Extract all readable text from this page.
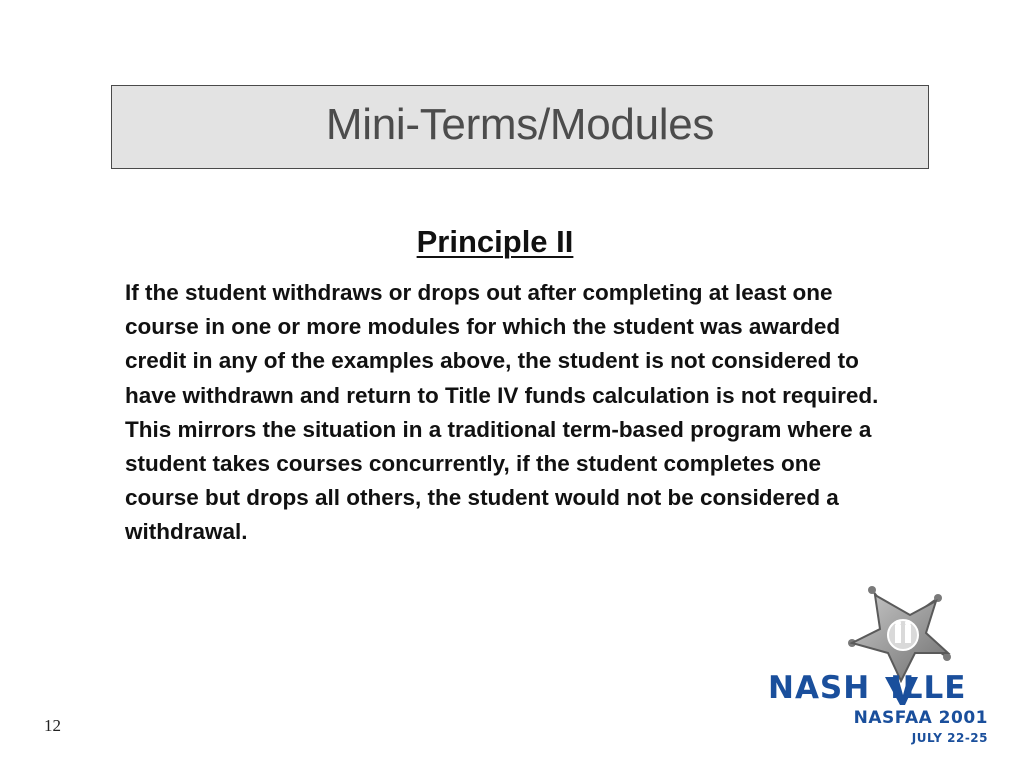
Mini-Terms/Modules
Principle II

If the student withdraws or drops out after completing at least one course in one or more modules for which the student was awarded credit in any of the examples above, the student is not considered to have withdrawn and return to Title IV funds calculation is not required. This mirrors the situation in a traditional term-based program where a student takes courses concurrently, if the student completes one course but drops all others, the student would not be considered a withdrawal.

12
NASH ILLE
NASFAA 2001
JULY 22-25
